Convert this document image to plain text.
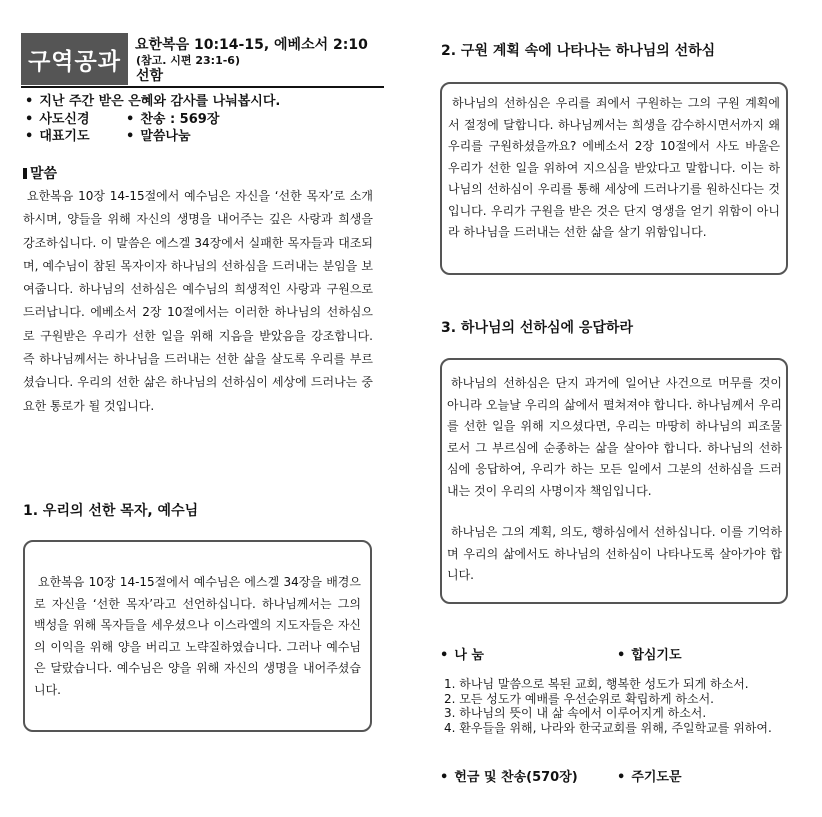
구역공과
요한복음 10:14-15, 에베소서 2:10
(참고. 시편 23:1-6)
선함
• 지난 주간 받은 은혜와 감사를 나눠봅시다.
• 사도신경	• 찬송 : 569장
• 대표기도	• 말씀나눔
말씀
요한복음 10장 14-15절에서 예수님은 자신을 ‘선한 목자’로 소개하시며, 양들을 위해 자신의 생명을 내어주는 깊은 사랑과 희생을 강조하십니다. 이 말씀은 에스겔 34장에서 실패한 목자들과 대조되며, 예수님이 참된 목자이자 하나님의 선하심을 드러내는 분임을 보여줍니다. 하나님의 선하심은 예수님의 희생적인 사랑과 구원으로 드러납니다. 에베소서 2장 10절에서는 이러한 하나님의 선하심으로 구원받은 우리가 선한 일을 위해 지음을 받았음을 강조합니다. 즉 하나님께서는 하나님을 드러내는 선한 삶을 살도록 우리를 부르셨습니다. 우리의 선한 삶은 하나님의 선하심이 세상에 드러나는 중요한 통로가 될 것입니다.
1. 우리의 선한 목자, 예수님
요한복음 10장 14-15절에서 예수님은 에스겔 34장을 배경으로 자신을 ‘선한 목자’라고 선언하십니다. 하나님께서는 그의 백성을 위해 목자들을 세우셨으나 이스라엘의 지도자들은 자신의 이익을 위해 양을 버리고 노략질하였습니다. 그러나 예수님은 달랐습니다. 예수님은 양을 위해 자신의 생명을 내어주셨습니다.
2. 구원 계획 속에 나타나는 하나님의 선하심
하나님의 선하심은 우리를 죄에서 구원하는 그의 구원 계획에서 절정에 달합니다. 하나님께서는 희생을 감수하시면서까지 왜 우리를 구원하셨을까요? 에베소서 2장 10절에서 사도 바울은 우리가 선한 일을 위하여 지으심을 받았다고 말합니다. 이는 하나님의 선하심이 우리를 통해 세상에 드러나기를 원하신다는 것입니다. 우리가 구원을 받은 것은 단지 영생을 얻기 위함이 아니라 하나님을 드러내는 선한 삶을 살기 위함입니다.
3. 하나님의 선하심에 응답하라
하나님의 선하심은 단지 과거에 일어난 사건으로 머무를 것이 아니라 오늘날 우리의 삶에서 펼쳐져야 합니다. 하나님께서 우리를 선한 일을 위해 지으셨다면, 우리는 마땅히 하나님의 피조물로서 그 부르심에 순종하는 삶을 살아야 합니다. 하나님의 선하심에 응답하여, 우리가 하는 모든 일에서 그분의 선하심을 드러내는 것이 우리의 사명이자 책임입니다.
하나님은 그의 계획, 의도, 행하심에서 선하십니다. 이를 기억하며 우리의 삶에서도 하나님의 선하심이 나타나도록 살아가야 합니다.
• 나 눔	• 합심기도
1. 하나님 말씀으로 복된 교회, 행복한 성도가 되게 하소서.
2. 모든 성도가 예배를 우선순위로 확립하게 하소서.
3. 하나님의 뜻이 내 삶 속에서 이루어지게 하소서.
4. 환우들을 위해, 나라와 한국교회를 위해, 주일학교를 위하여.
• 헌금 및 찬송(570장)	• 주기도문
